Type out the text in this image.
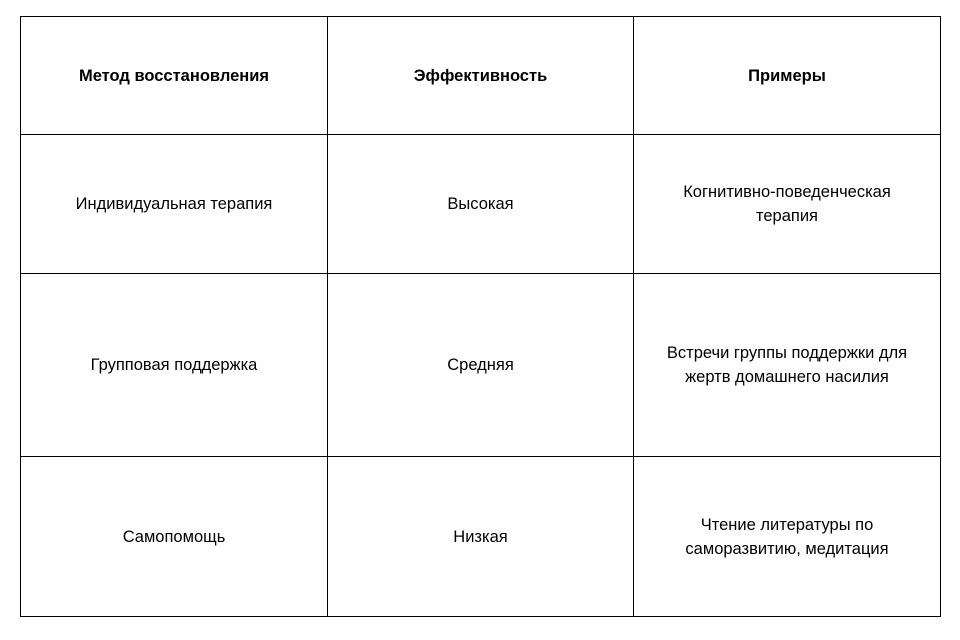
Метод восстановления	Эффективность	Примеры
Индивидуальная терапия	Высокая	Когнитивно-поведенческая терапия
Групповая поддержка	Средняя	Встречи группы поддержки для жертв домашнего насилия
Самопомощь	Низкая	Чтение литературы по саморазвитию, медитация
